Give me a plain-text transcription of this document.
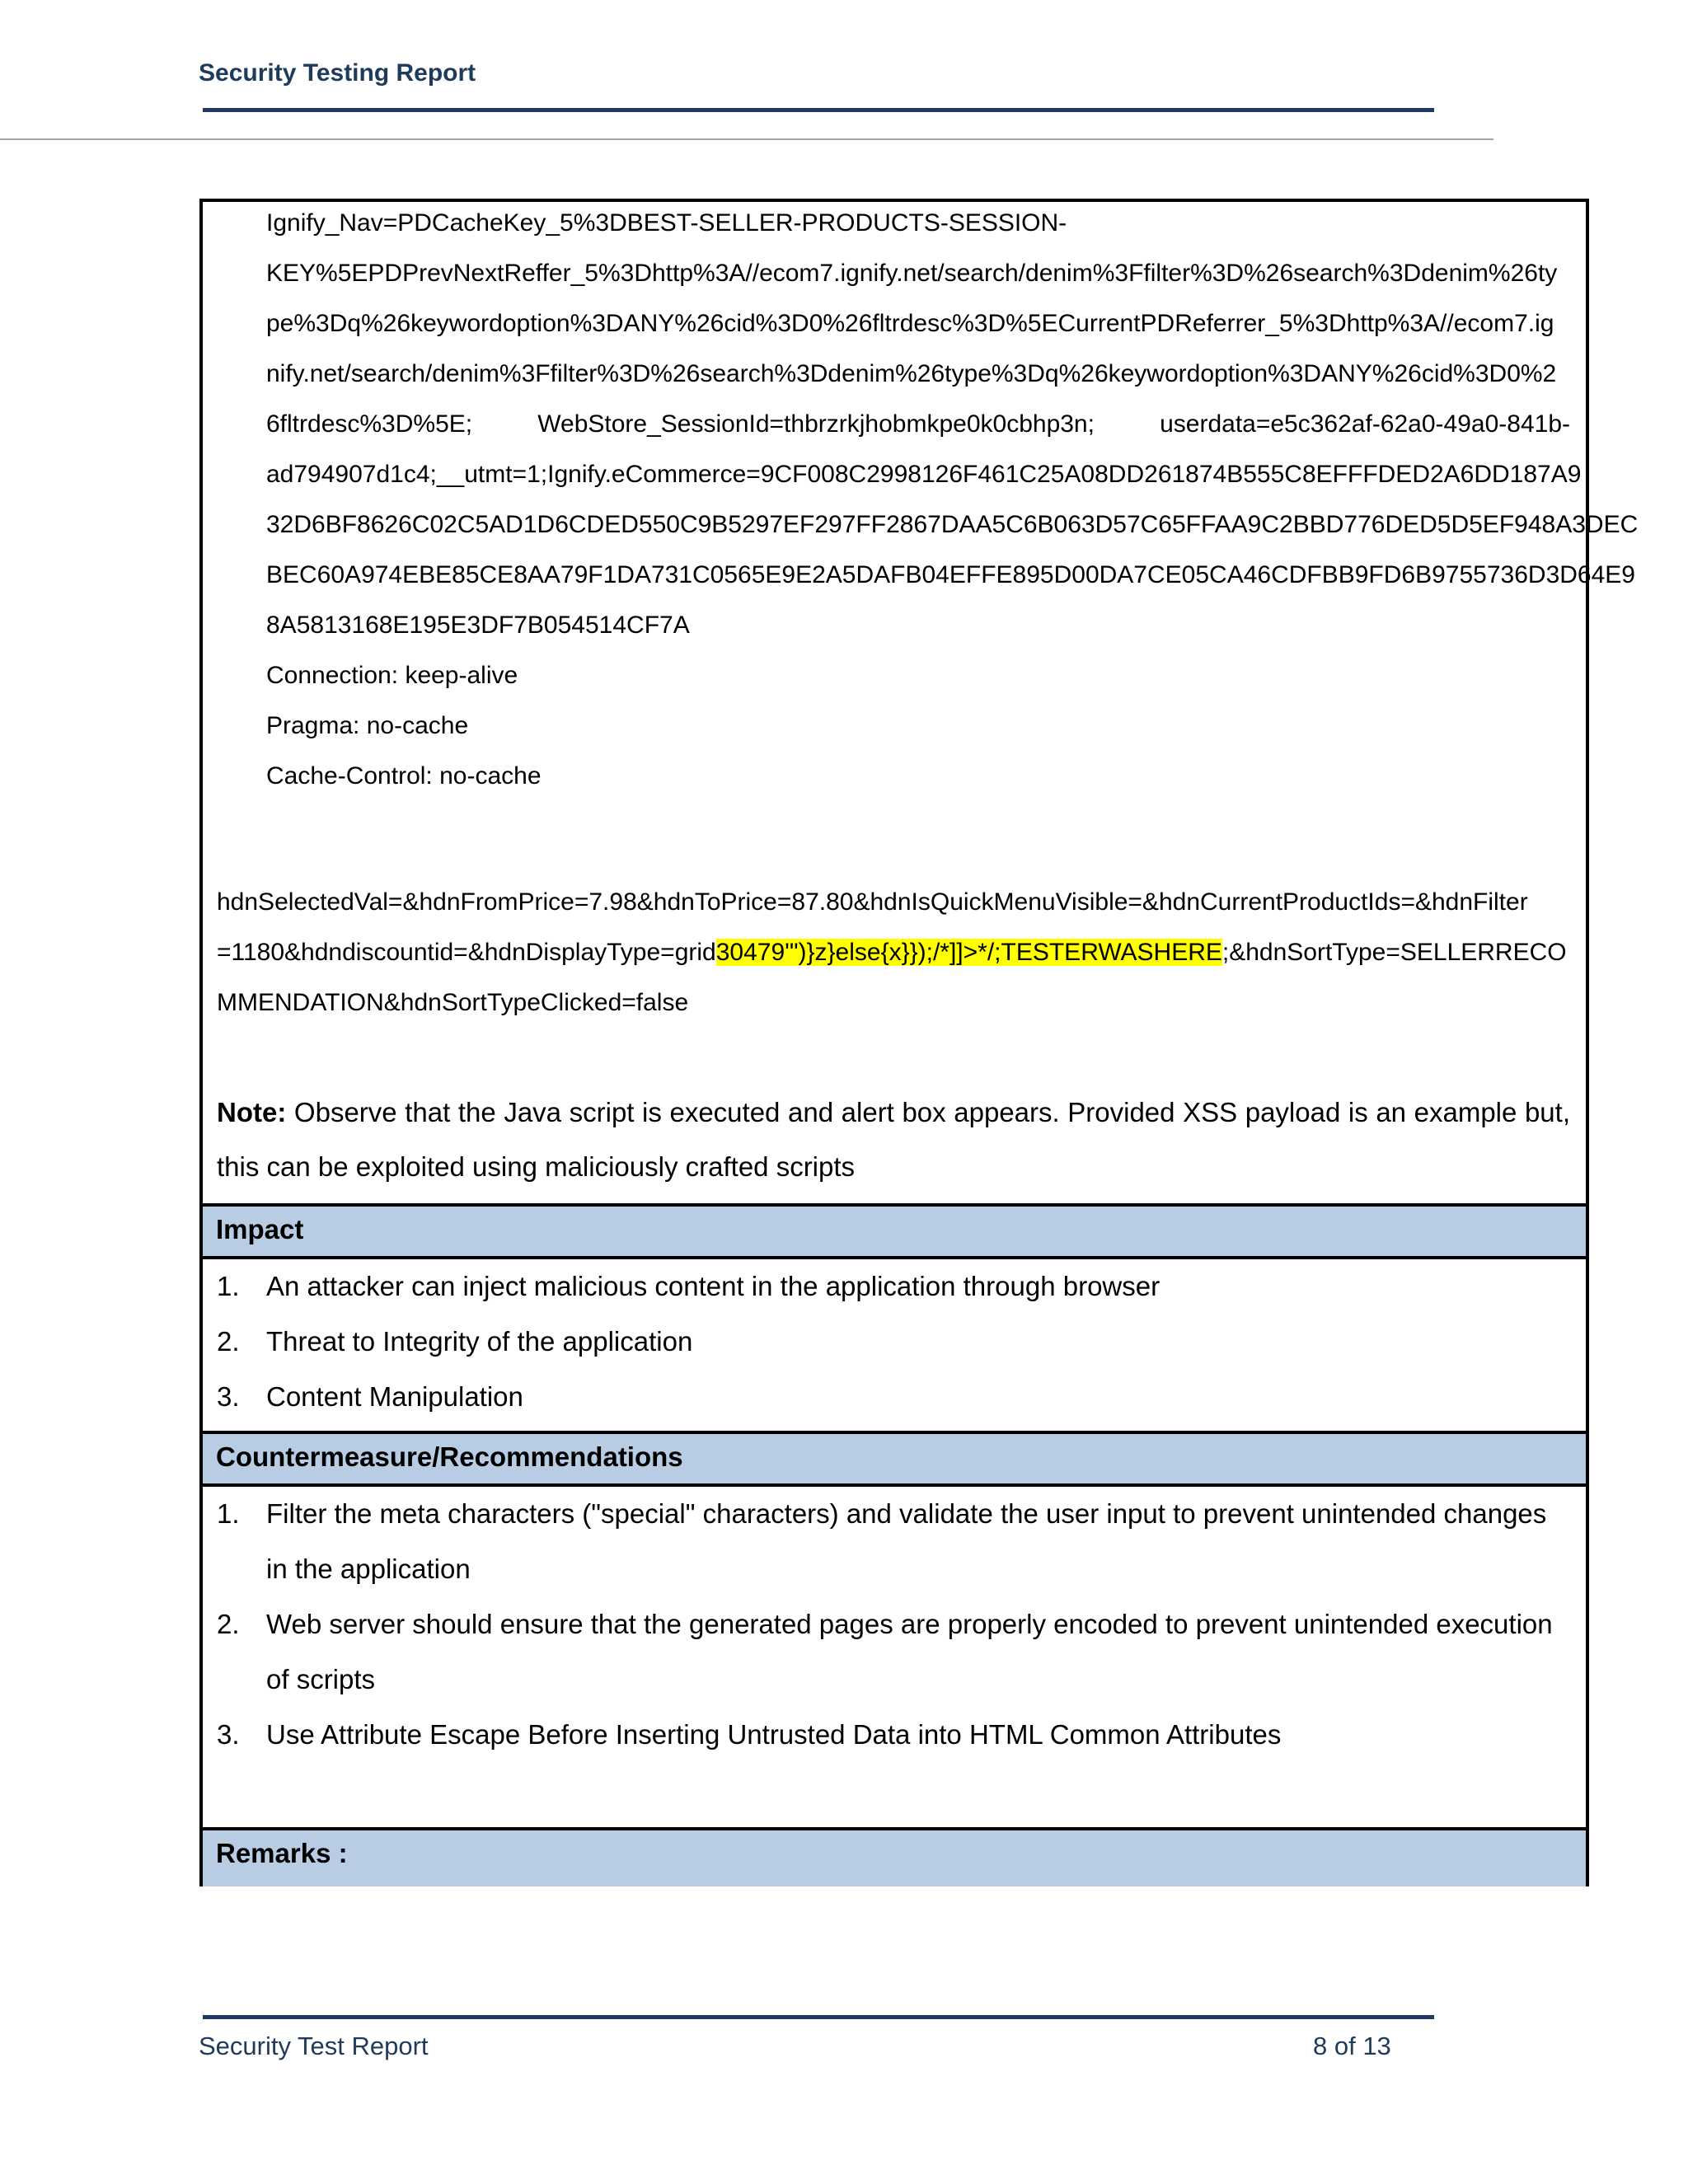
Security Testing Report
Ignify_Nav=PDCacheKey_5%3DBEST-SELLER-PRODUCTS-SESSION-
KEY%5EPDPrevNextReffer_5%3Dhttp%3A//ecom7.ignify.net/search/denim%3Ffilter%3D%26search%3Ddenim%26ty
pe%3Dq%26keywordoption%3DANY%26cid%3D0%26fltrdesc%3D%5ECurrentPDReferrer_5%3Dhttp%3A//ecom7.ig
nify.net/search/denim%3Ffilter%3D%26search%3Ddenim%26type%3Dq%26keywordoption%3DANY%26cid%3D0%2
6fltrdesc%3D%5E; WebStore_SessionId=thbrzrkjhobmkpe0k0cbhp3n; userdata=e5c362af-62a0-49a0-841b-
ad794907d1c4;__utmt=1;Ignify.eCommerce=9CF008C2998126F461C25A08DD261874B555C8EFFFDED2A6DD187A9
32D6BF8626C02C5AD1D6CDED550C9B5297EF297FF2867DAA5C6B063D57C65FFAA9C2BBD776DED5D5EF948A3DEC
BEC60A974EBE85CE8AA79F1DA731C0565E9E2A5DAFB04EFFE895D00DA7CE05CA46CDFBB9FD6B9755736D3D64E9
8A5813168E195E3DF7B054514CF7A
Connection: keep-alive
Pragma: no-cache
Cache-Control: no-cache
hdnSelectedVal=&hdnFromPrice=7.98&hdnToPrice=87.80&hdnIsQuickMenuVisible=&hdnCurrentProductIds=&hdnFilter
=1180&hdndiscountid=&hdnDisplayType=grid30479'")}z}else{x}});/*]]>*/;TESTERWASHERE;&hdnSortType=SELLERRECO
MMENDATION&hdnSortTypeClicked=false
Note: Observe that the Java script is executed and alert box appears. Provided XSS payload is an example but,
this can be exploited using maliciously crafted scripts
Impact
1. An attacker can inject malicious content in the application through browser
2. Threat to Integrity of the application
3. Content Manipulation
Countermeasure/Recommendations
1. Filter the meta characters ("special" characters) and validate the user input to prevent unintended changes
in the application
2. Web server should ensure that the generated pages are properly encoded to prevent unintended execution
of scripts
3. Use Attribute Escape Before Inserting Untrusted Data into HTML Common Attributes
Remarks :
Security Test Report	8 of 13
